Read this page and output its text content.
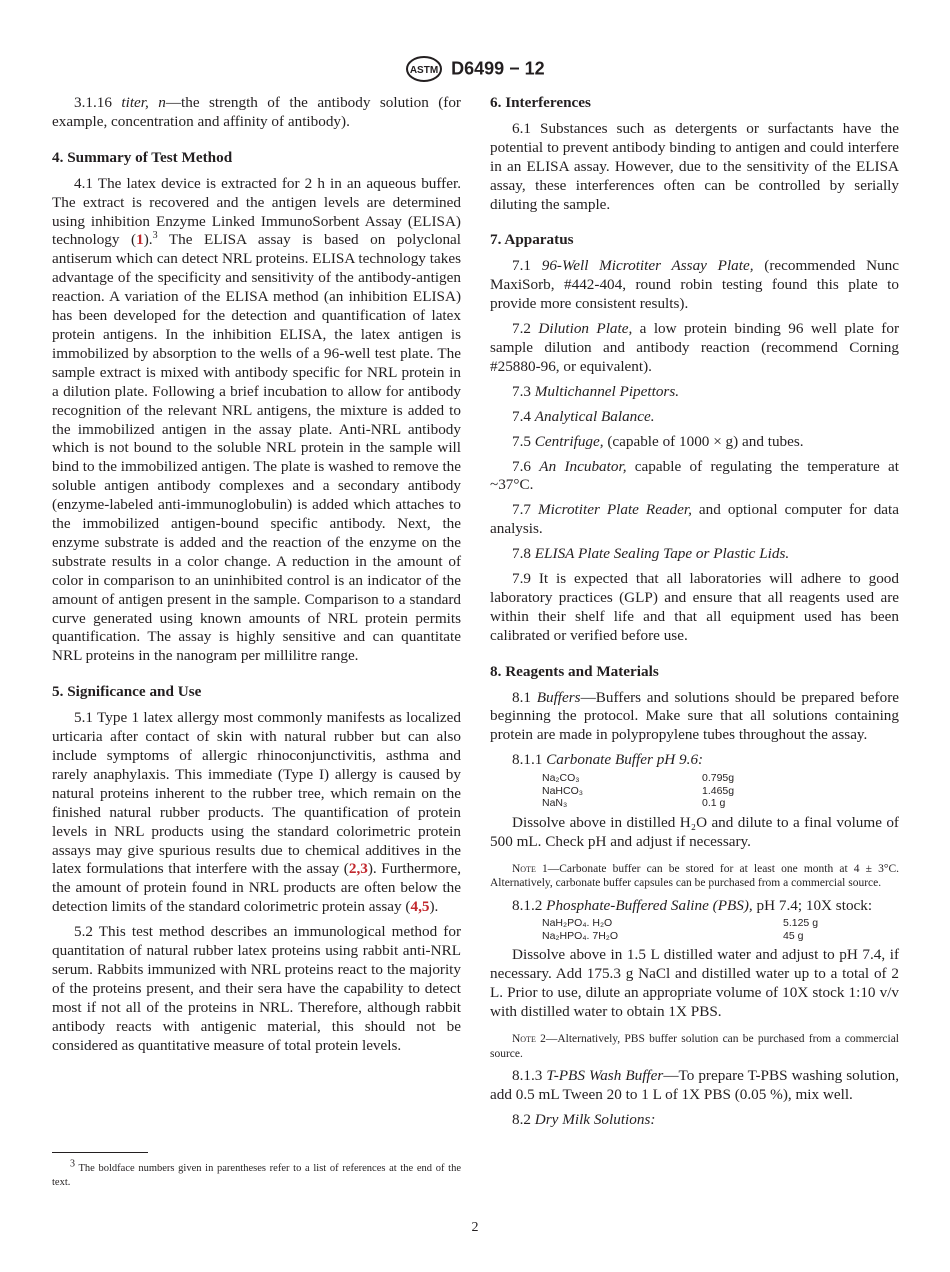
ASTM D6499 − 12

3.1.16 titer, n—the strength of the antibody solution (for example, concentration and affinity of antibody).

4. Summary of Test Method

4.1 The latex device is extracted for 2 h in an aqueous buffer. The extract is recovered and the antigen levels are determined using inhibition Enzyme Linked ImmunoSorbent Assay (ELISA) technology (1).$^3$ The ELISA assay is based on polyclonal antiserum which can detect NRL proteins. ELISA technology takes advantage of the specificity and sensitivity of the antibody-antigen reaction. A variation of the ELISA method (an inhibition ELISA) has been developed for the detection and quantification of latex protein antigens. In the inhibition ELISA, the latex antigen is immobilized by absorption to the wells of a 96-well test plate. The sample extract is mixed with antibody specific for NRL protein in a dilution plate. Following a brief incubation to allow for antibody recognition of the relevant NRL antigens, the mixture is added to the immobilized antigen in the assay plate. Anti-NRL antibody which is not bound to the soluble NRL protein in the sample will bind to the immobilized antigen. The plate is washed to remove the soluble antigen antibody complexes and a secondary antibody (enzyme-labeled anti-immunoglobulin) is added which attaches to the immobilized antigen-bound specific antibody. Next, the enzyme substrate is added and the reaction of the enzyme on the substrate results in a color change. A reduction in the amount of color in comparison to an uninhibited control is an indicator of the amount of antigen present in the sample. Comparison to a standard curve generated using known amounts of NRL protein permits quantification. The assay is highly sensitive and can quantitate NRL proteins in the nanogram per millilitre range.

5. Significance and Use

5.1 Type 1 latex allergy most commonly manifests as localized urticaria after contact of skin with natural rubber but can also include symptoms of allergic rhinoconjunctivitis, asthma and rarely anaphylaxis. This immediate (Type I) allergy is caused by natural proteins inherent to the rubber tree, which remain on the finished natural rubber products. The quantification of protein levels in NRL products using the standard colorimetric protein assays may give spurious results due to chemical additives in the latex formulations that interfere with the assay (2,3). Furthermore, the amount of protein found in NRL products are often below the detection limits of the standard colorimetric protein assay (4,5).

5.2 This test method describes an immunological method for quantitation of natural rubber latex proteins using rabbit anti-NRL serum. Rabbits immunized with NRL proteins react to the majority of the proteins present, and their sera have the capability to detect most if not all of the proteins in NRL. Therefore, although rabbit antibody reacts with antigenic material, this should not be considered as quantitative measure of total protein levels.

$^3$ The boldface numbers given in parentheses refer to a list of references at the end of the text.
6. Interferences

6.1 Substances such as detergents or surfactants have the potential to prevent antibody binding to antigen and could interfere in an ELISA assay. However, due to the sensitivity of the ELISA assay, these interferences often can be controlled by serially diluting the sample.

7. Apparatus

7.1 96-Well Microtiter Assay Plate, (recommended Nunc MaxiSorb, #442-404, round robin testing found this plate to provide more consistent results).

7.2 Dilution Plate, a low protein binding 96 well plate for sample dilution and antibody reaction (recommend Corning #25880-96, or equivalent).

7.3 Multichannel Pipettors.

7.4 Analytical Balance.

7.5 Centrifuge, (capable of 1000 × g) and tubes.

7.6 An Incubator, capable of regulating the temperature at ~37°C.

7.7 Microtiter Plate Reader, and optional computer for data analysis.

7.8 ELISA Plate Sealing Tape or Plastic Lids.

7.9 It is expected that all laboratories will adhere to good laboratory practices (GLP) and ensure that all reagents used are within their shelf life and that all equipment used has been calibrated or verified before use.

8. Reagents and Materials

8.1 Buffers—Buffers and solutions should be prepared before beginning the protocol. Make sure that all solutions containing protein are made in polypropylene tubes throughout the assay.

8.1.1 Carbonate Buffer pH 9.6:

Na₂CO₃	0.795g
NaHCO₃	1.465g
NaN₃	0.1 g

Dissolve above in distilled H₂O and dilute to a final volume of 500 mL. Check pH and adjust if necessary.

Note 1—Carbonate buffer can be stored for at least one month at 4 ± 3°C. Alternatively, carbonate buffer capsules can be purchased from a commercial source.

8.1.2 Phosphate-Buffered Saline (PBS), pH 7.4; 10X stock:

NaH₂PO₄. H₂O	5.125 g
Na₂HPO₄. 7H₂O	45 g

Dissolve above in 1.5 L distilled water and adjust to pH 7.4, if necessary. Add 175.3 g NaCl and distilled water up to a total of 2 L. Prior to use, dilute an appropriate volume of 10X stock 1:10 v/v with distilled water to obtain 1X PBS.

Note 2—Alternatively, PBS buffer solution can be purchased from a commercial source.

8.1.3 T-PBS Wash Buffer—To prepare T-PBS washing solution, add 0.5 mL Tween 20 to 1 L of 1X PBS (0.05 %), mix well.

8.2 Dry Milk Solutions:

2
